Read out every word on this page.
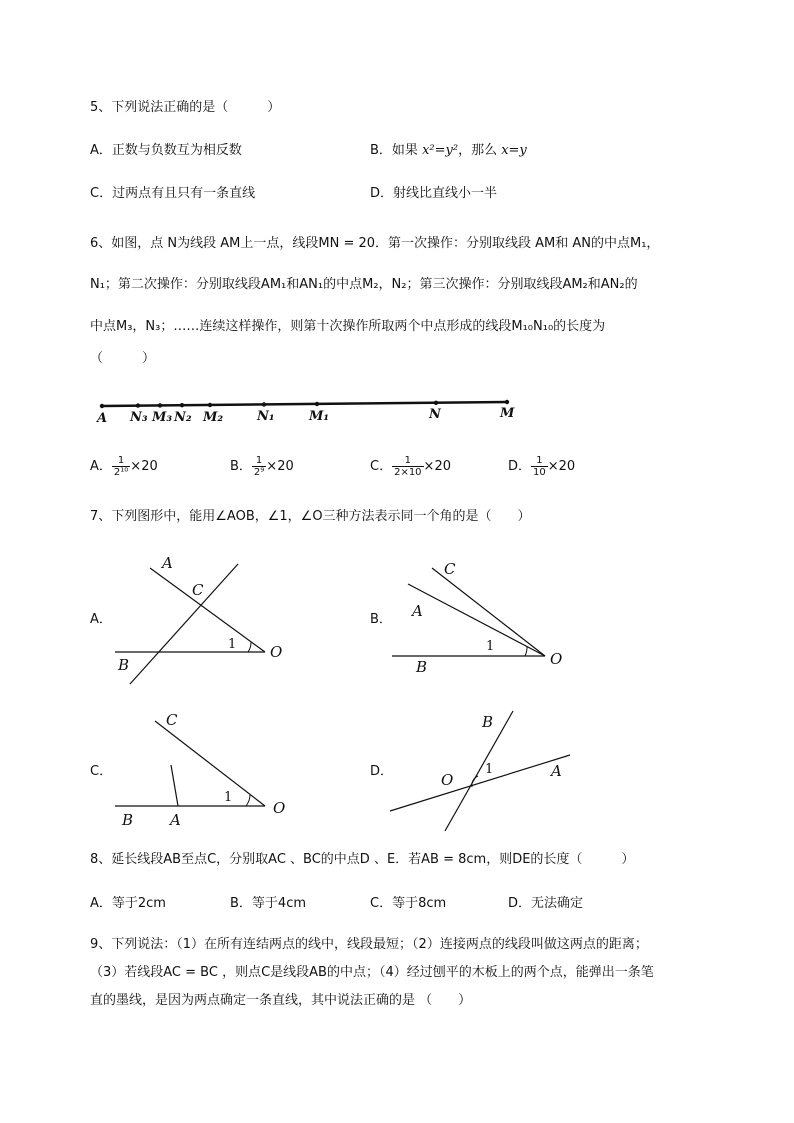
5、下列说法正确的是（　　　）
A．正数与负数互为相反数	B．如果 x²=y²，那么 x=y
C．过两点有且只有一条直线	D．射线比直线小一半
6、如图，点 N为线段 AM上一点，线段MN = 20．第一次操作：分别取线段 AM和 AN的中点M₁，
N₁；第二次操作：分别取线段AM₁和AN₁的中点M₂，N₂；第三次操作：分别取线段AM₂和AN₂的
中点M₃，N₃；……连续这样操作，则第十次操作所取两个中点形成的线段M₁₀N₁₀的长度为
（　　　）
A N₃ M₃ N₂ M₂	N₁	M₁	N	M
A． $\frac{1}{\text{2¹⁰}} \times 20$	B． $\frac{1}{\text{2⁹}} \times 20$	C． $\frac{1}{2\times 10} \times 20$	D． $\frac{1}{10} \times 20$
7、下列图形中，能用∠AOB，∠1，∠O三种方法表示同一个角的是（　　）
A．
A
C
B
O
1
B．
C
A
B	O
1
C．
C
B A
O
1
D．
B
A
O
1
8、延长线段AB至点C，分别取AC 、BC的中点D 、E．若AB = 8cm，则DE的长度（　　　）
A．等于2cm	B．等于4cm	C．等于8cm	D．无法确定
9、下列说法：（1）在所有连结两点的线中，线段最短；（2）连接两点的线段叫做这两点的距离；
（3）若线段AC = BC ，则点C是线段AB的中点；（4）经过刨平的木板上的两个点，能弹出一条笔
直的墨线，是因为两点确定一条直线，其中说法正确的是 （　　）
